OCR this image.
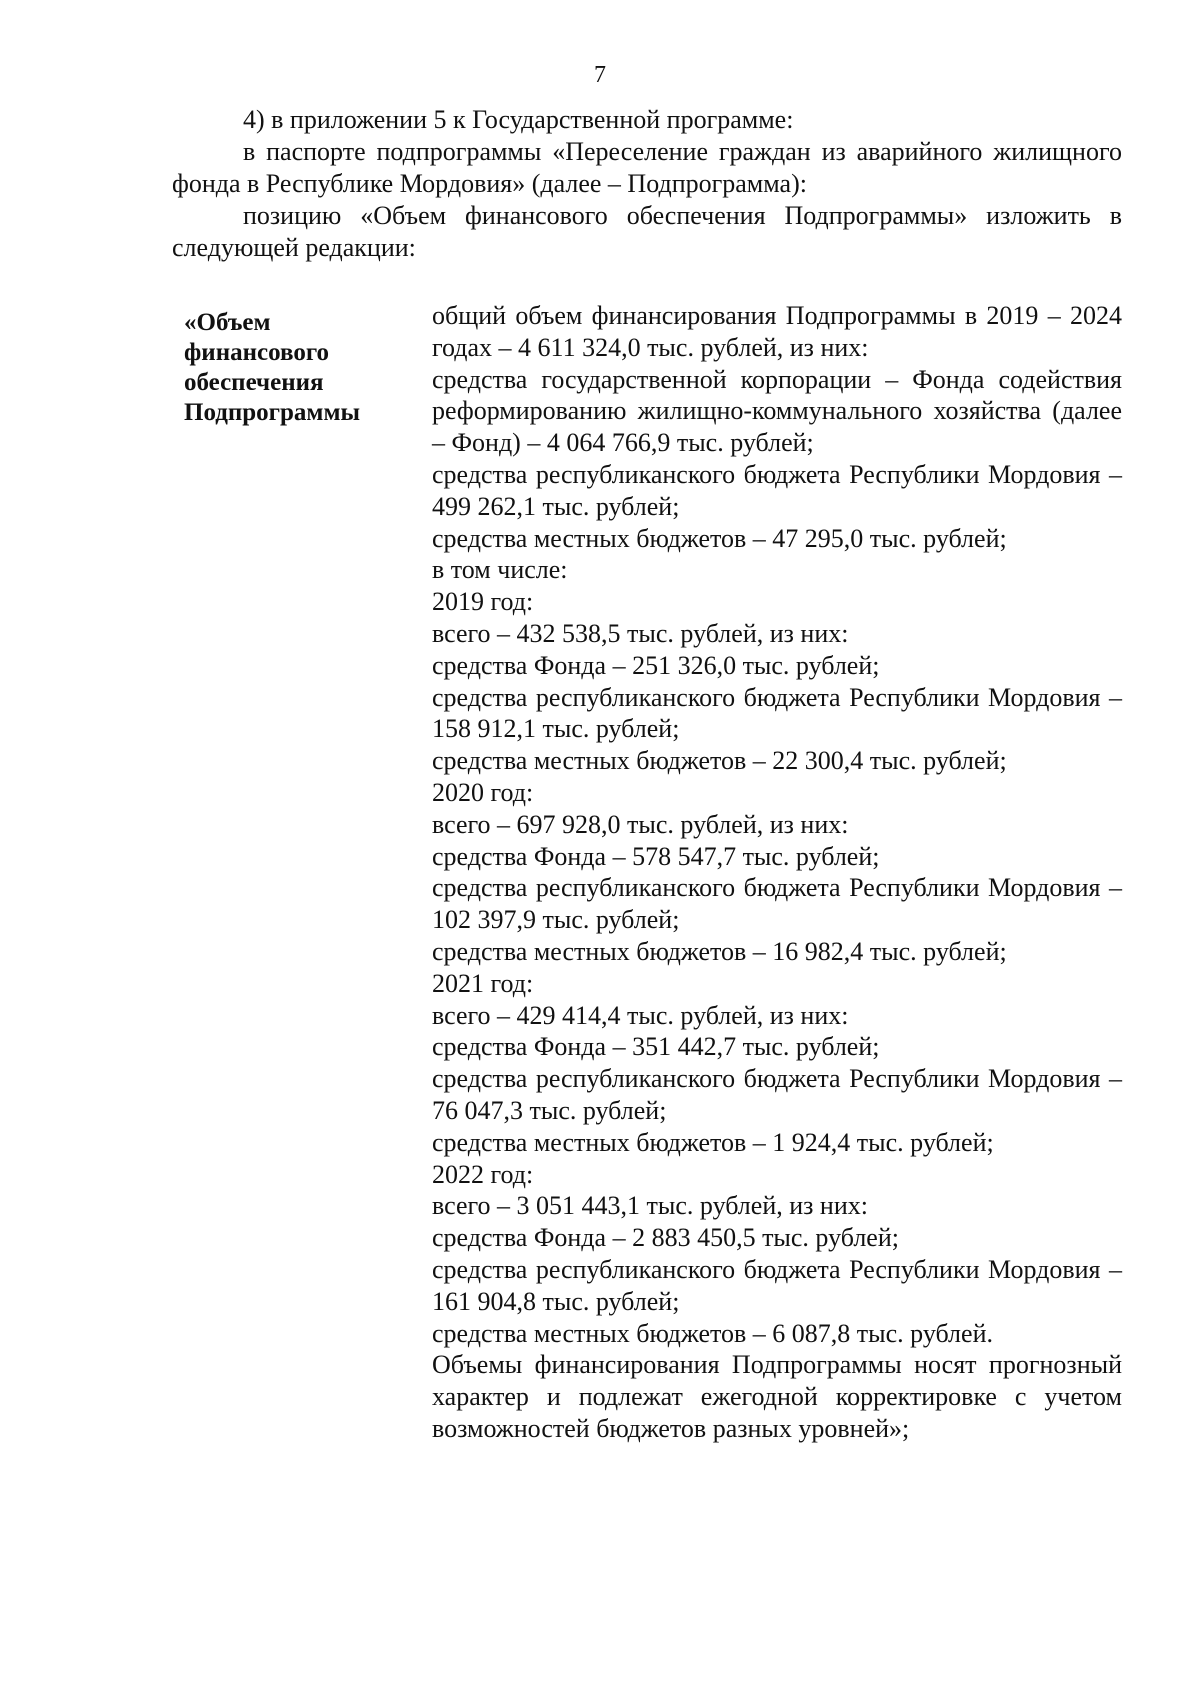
7

4) в приложении 5 к Государственной программе:

в паспорте подпрограммы «Переселение граждан из аварийного жилищного фонда в Республике Мордовия» (далее – Подпрограмма):

позицию «Объем финансового обеспечения Подпрограммы» изложить в следующей редакции:

«Объем
финансового
обеспечения
Подпрограммы

общий объем финансирования Подпрограммы в 2019 – 2024 годах – 4 611 324,0 тыс. рублей, из них:

средства государственной корпорации – Фонда содействия реформированию жилищно-коммунального хозяйства (далее – Фонд) – 4 064 766,9 тыс. рублей;

средства республиканского бюджета Республики Мордовия – 499 262,1 тыс. рублей;

средства местных бюджетов – 47 295,0 тыс. рублей;

в том числе:

2019 год:

всего – 432 538,5 тыс. рублей, из них:

средства Фонда – 251 326,0 тыс. рублей;

средства республиканского бюджета Республики Мордовия – 158 912,1 тыс. рублей;

средства местных бюджетов – 22 300,4 тыс. рублей;

2020 год:

всего – 697 928,0 тыс. рублей, из них:

средства Фонда – 578 547,7 тыс. рублей;

средства республиканского бюджета Республики Мордовия – 102 397,9 тыс. рублей;

средства местных бюджетов – 16 982,4 тыс. рублей;

2021 год:

всего – 429 414,4 тыс. рублей, из них:

средства Фонда – 351 442,7 тыс. рублей;

средства республиканского бюджета Республики Мордовия – 76 047,3 тыс. рублей;

средства местных бюджетов – 1 924,4 тыс. рублей;

2022 год:

всего – 3 051 443,1 тыс. рублей, из них:

средства Фонда – 2 883 450,5 тыс. рублей;

средства республиканского бюджета Республики Мордовия – 161 904,8 тыс. рублей;

средства местных бюджетов – 6 087,8 тыс. рублей.

Объемы финансирования Подпрограммы носят прогнозный характер и подлежат ежегодной корректировке с учетом возможностей бюджетов разных уровней»;
